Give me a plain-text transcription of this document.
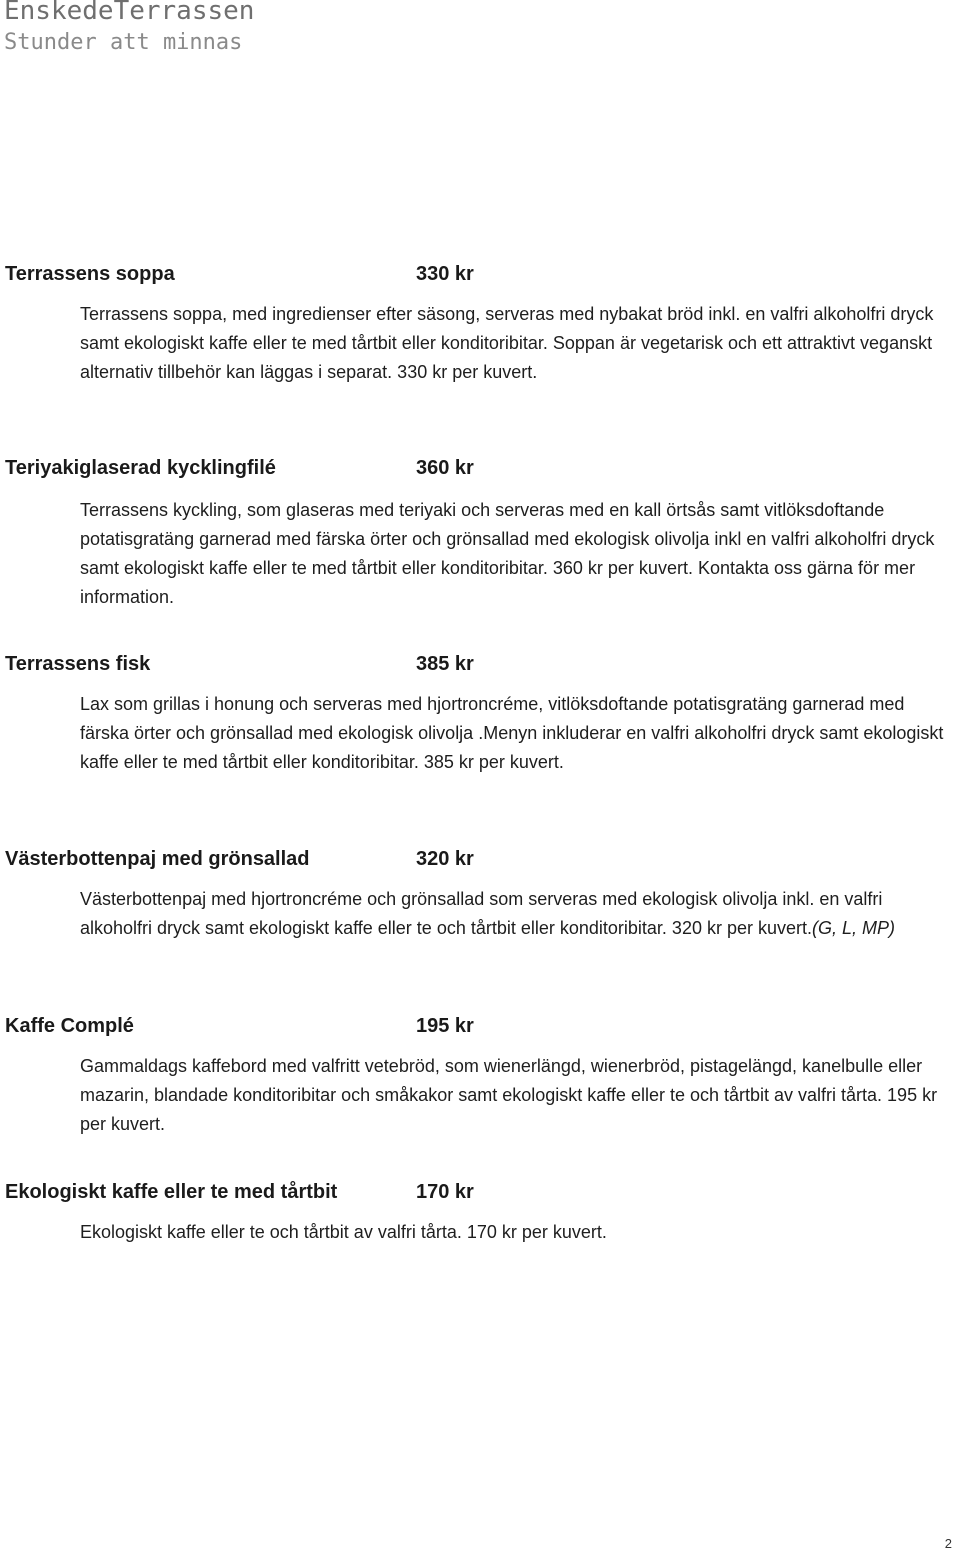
EnskedeTerrassen
Stunder att minnas
Terrassens soppa	330 kr

Terrassens soppa, med ingredienser efter säsong, serveras med nybakat bröd inkl. en valfri alkoholfri dryck samt ekologiskt kaffe eller te med tårtbit eller konditoribitar. Soppan är vegetarisk och ett attraktivt veganskt alternativ tillbehör kan läggas i separat. 330 kr per kuvert.

Teriyakiglaserad kycklingfilé	360 kr

Terrassens kyckling, som glaseras med teriyaki och serveras med en kall örtsås samt vitlöksdoftande potatisgratäng garnerad med färska örter och grönsallad med ekologisk olivolja inkl en valfri alkoholfri dryck samt ekologiskt kaffe eller te med tårtbit eller konditoribitar. 360 kr per kuvert. Kontakta oss gärna för mer information.

Terrassens fisk	385 kr

Lax som grillas i honung och serveras med hjortroncréme, vitlöksdoftande potatisgratäng garnerad med färska örter och grönsallad med ekologisk olivolja .Menyn inkluderar en valfri alkoholfri dryck samt ekologiskt kaffe eller te med tårtbit eller konditoribitar. 385 kr per kuvert.

Västerbottenpaj med grönsallad	320 kr

Västerbottenpaj med hjortroncréme och grönsallad som serveras med ekologisk olivolja inkl. en valfri alkoholfri dryck samt ekologiskt kaffe eller te och tårtbit eller konditoribitar. 320 kr per kuvert.(G, L, MP)

Kaffe Complé	195 kr

Gammaldags kaffebord med valfritt vetebröd, som wienerlängd, wienerbröd, pistagelängd, kanelbulle eller mazarin, blandade konditoribitar och småkakor samt ekologiskt kaffe eller te och tårtbit av valfri tårta. 195 kr per kuvert.

Ekologiskt kaffe eller te med tårtbit	170 kr

Ekologiskt kaffe eller te och tårtbit av valfri tårta. 170 kr per kuvert.

2
